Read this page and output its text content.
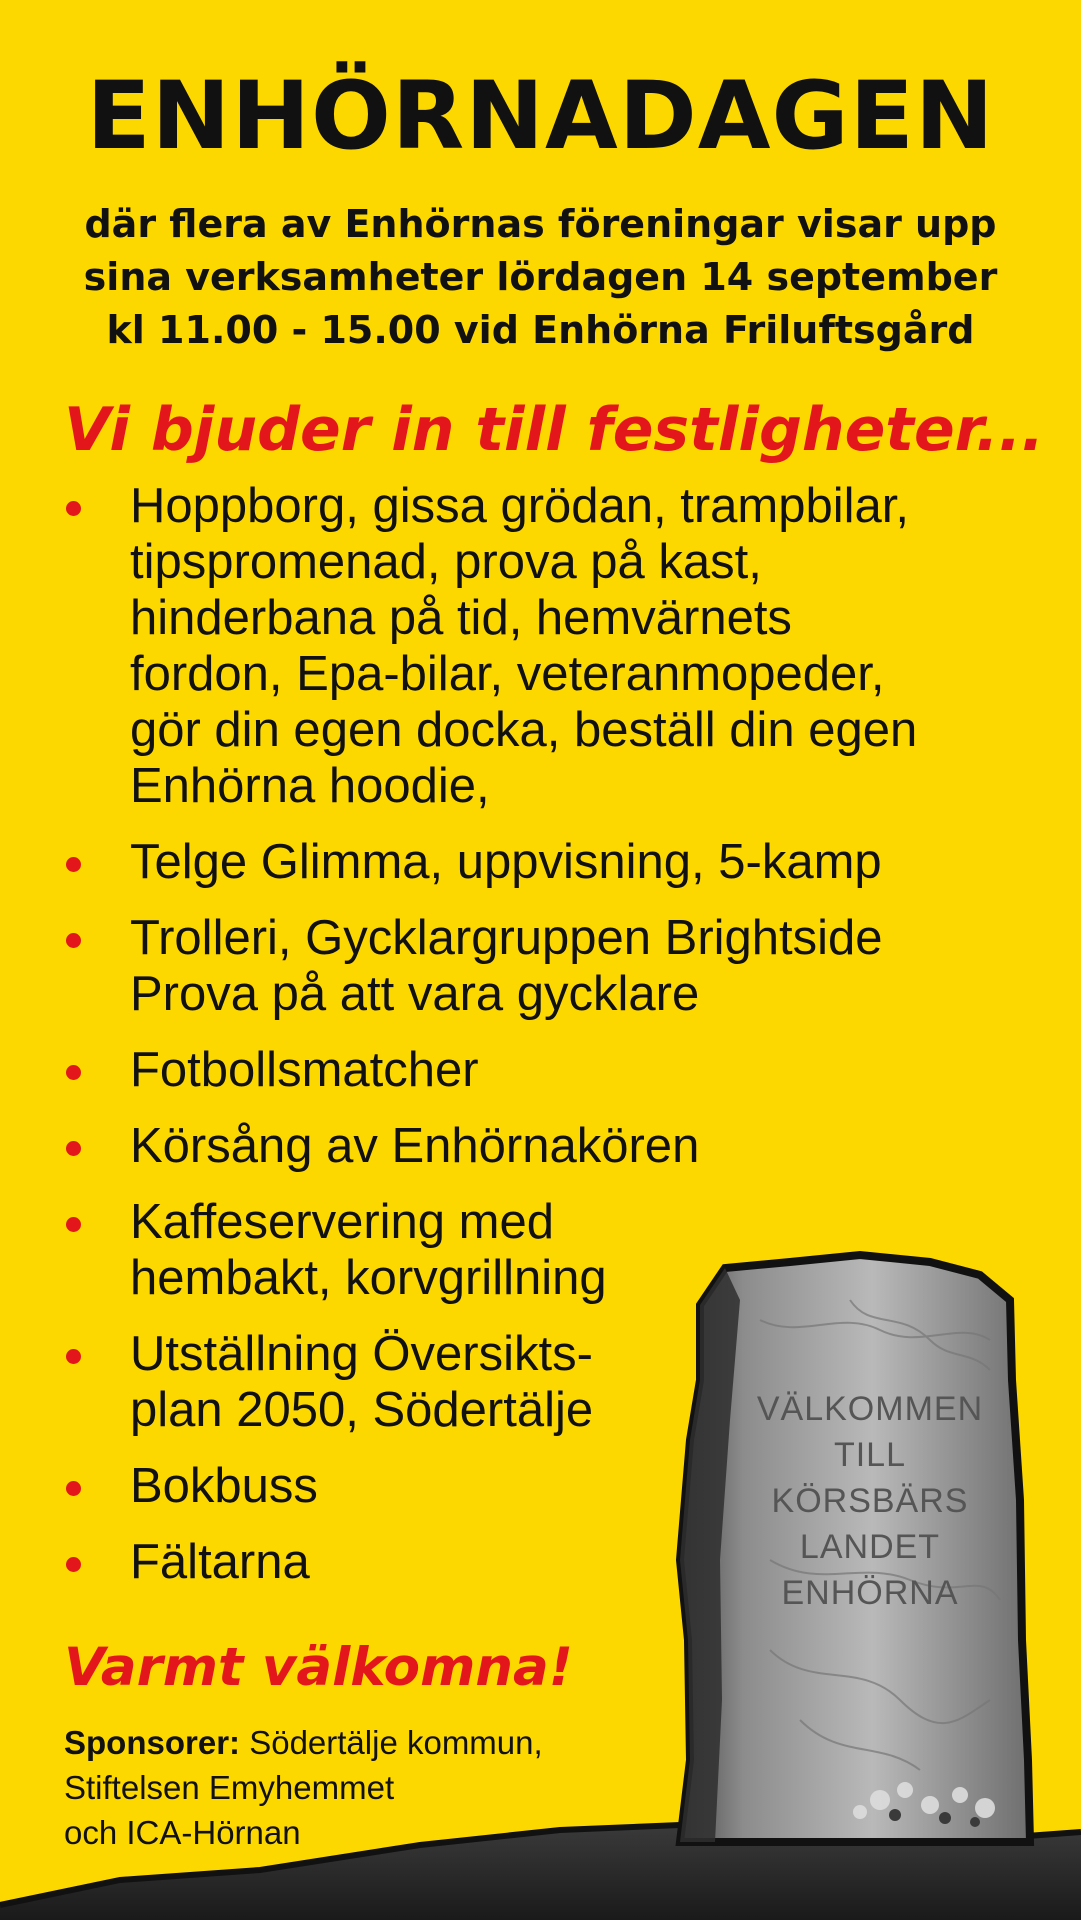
VÄLKOMMEN
TILL
KÖRSBÄRS
LANDET
ENHÖRNA
ENHÖRNADAGEN
där flera av Enhörnas föreningar visar upp
sina verksamheter lördagen 14 september
kl 11.00 - 15.00 vid Enhörna Friluftsgård
Vi bjuder in till festligheter...
Hoppborg, gissa grödan, trampbilar,
tipspromenad, prova på kast,
hinderbana på tid, hemvärnets
fordon, Epa-bilar, veteranmopeder,
gör din egen docka, beställ din egen
Enhörna hoodie,
Telge Glimma, uppvisning, 5-kamp
Trolleri, Gycklargruppen Brightside
Prova på att vara gycklare
Fotbollsmatcher
Körsång av Enhörnakören
Kaffeservering med
hembakt, korvgrillning
Utställning Översikts-
plan 2050, Södertälje
Bokbuss
Fältarna
Varmt välkomna!
Sponsorer: Södertälje kommun,
Stiftelsen Emyhemmet
och ICA-Hörnan
